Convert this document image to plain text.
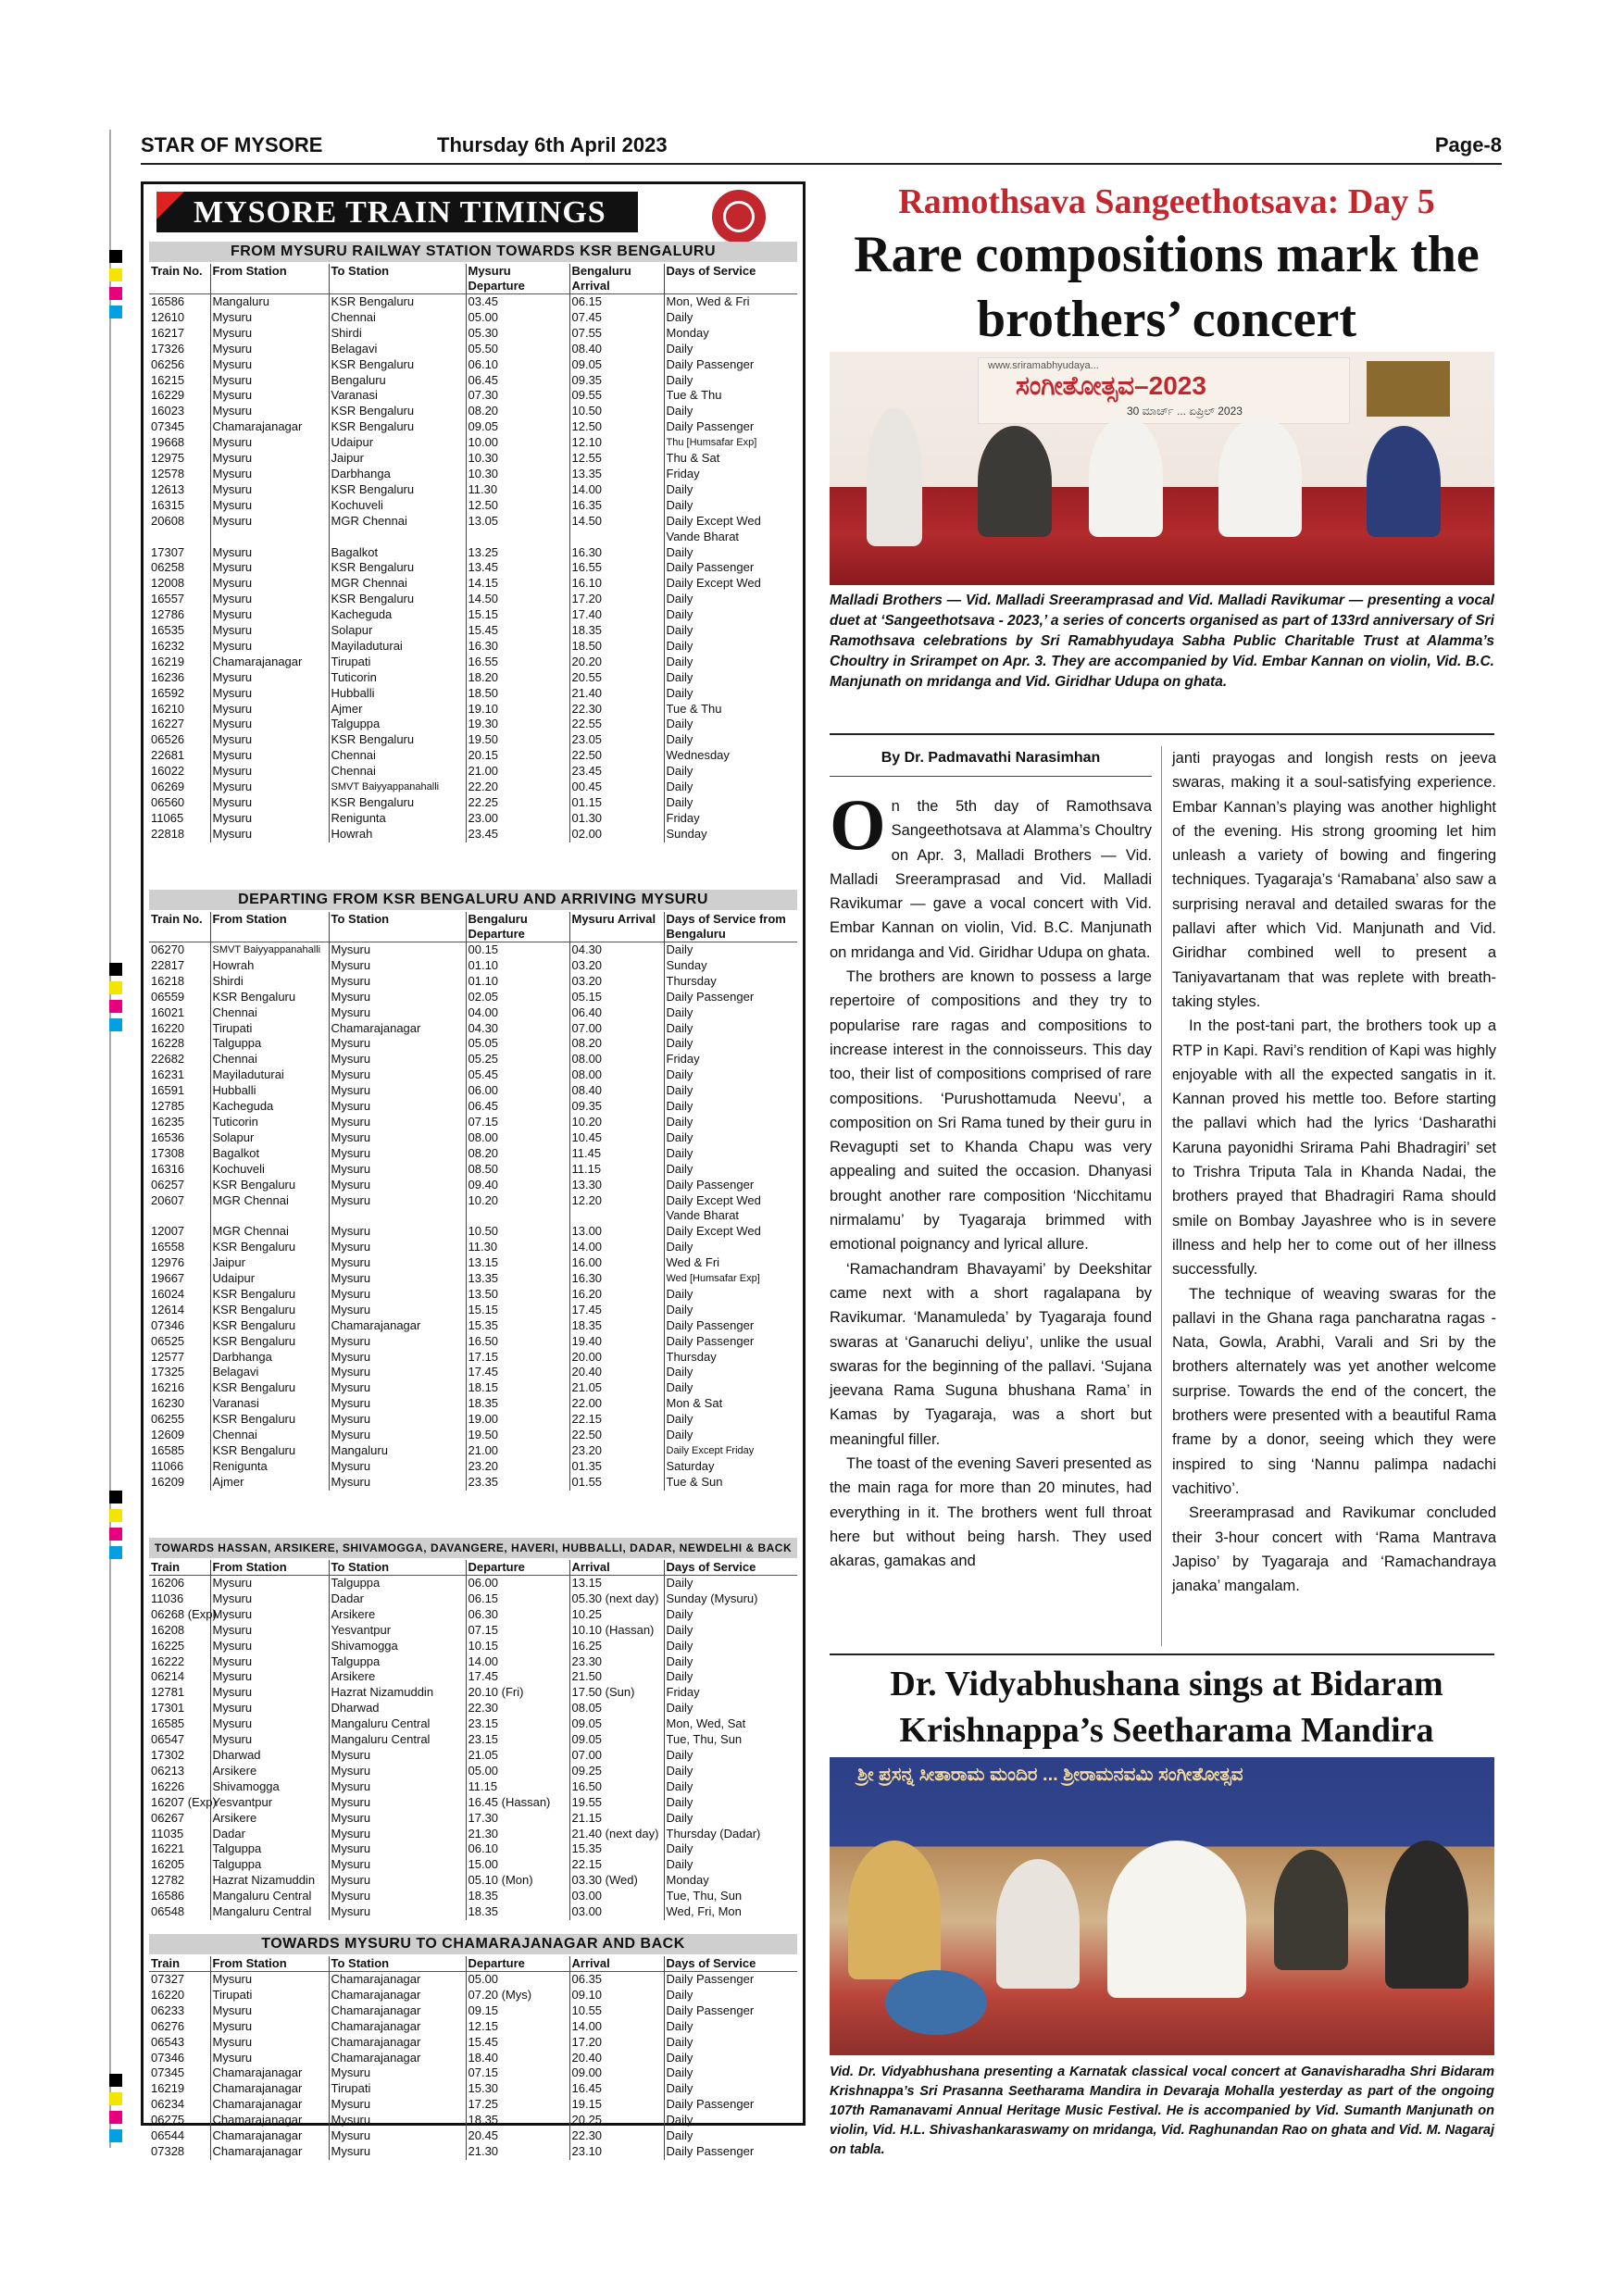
STAR OF MYSORE	Thursday 6th April 2023	Page-8
MYSORE TRAIN TIMINGS
FROM MYSURU RAILWAY STATION TOWARDS KSR BENGALURU
Train No.	From Station	To Station	Mysuru Departure	Bengaluru Arrival	Days of Service
16586	Mangaluru	KSR Bengaluru	03.45	06.15	Mon, Wed & Fri
12610	Mysuru	Chennai	05.00	07.45	Daily
16217	Mysuru	Shirdi	05.30	07.55	Monday
17326	Mysuru	Belagavi	05.50	08.40	Daily
06256	Mysuru	KSR Bengaluru	06.10	09.05	Daily Passenger
16215	Mysuru	Bengaluru	06.45	09.35	Daily
16229	Mysuru	Varanasi	07.30	09.55	Tue & Thu
16023	Mysuru	KSR Bengaluru	08.20	10.50	Daily
07345	Chamarajanagar	KSR Bengaluru	09.05	12.50	Daily Passenger
19668	Mysuru	Udaipur	10.00	12.10	Thu [Humsafar Exp]
12975	Mysuru	Jaipur	10.30	12.55	Thu & Sat
12578	Mysuru	Darbhanga	10.30	13.35	Friday
12613	Mysuru	KSR Bengaluru	11.30	14.00	Daily
16315	Mysuru	Kochuveli	12.50	16.35	Daily
20608	Mysuru	MGR Chennai	13.05	14.50	Daily Except Wed
					Vande Bharat
17307	Mysuru	Bagalkot	13.25	16.30	Daily
06258	Mysuru	KSR Bengaluru	13.45	16.55	Daily Passenger
12008	Mysuru	MGR Chennai	14.15	16.10	Daily Except Wed
16557	Mysuru	KSR Bengaluru	14.50	17.20	Daily
12786	Mysuru	Kacheguda	15.15	17.40	Daily
16535	Mysuru	Solapur	15.45	18.35	Daily
16232	Mysuru	Mayiladuturai	16.30	18.50	Daily
16219	Chamarajanagar	Tirupati	16.55	20.20	Daily
16236	Mysuru	Tuticorin	18.20	20.55	Daily
16592	Mysuru	Hubballi	18.50	21.40	Daily
16210	Mysuru	Ajmer	19.10	22.30	Tue & Thu
16227	Mysuru	Talguppa	19.30	22.55	Daily
06526	Mysuru	KSR Bengaluru	19.50	23.05	Daily
22681	Mysuru	Chennai	20.15	22.50	Wednesday
16022	Mysuru	Chennai	21.00	23.45	Daily
06269	Mysuru	SMVT Baiyyappanahalli	22.20	00.45	Daily
06560	Mysuru	KSR Bengaluru	22.25	01.15	Daily
11065	Mysuru	Renigunta	23.00	01.30	Friday
22818	Mysuru	Howrah	23.45	02.00	Sunday
DEPARTING FROM KSR BENGALURU AND ARRIVING MYSURU
Train No.	From Station	To Station	Bengaluru Departure	Mysuru Arrival	Days of Service from Bengaluru
06270	SMVT Baiyyappanahalli	Mysuru	00.15	04.30	Daily
22817	Howrah	Mysuru	01.10	03.20	Sunday
16218	Shirdi	Mysuru	01.10	03.20	Thursday
06559	KSR Bengaluru	Mysuru	02.05	05.15	Daily Passenger
16021	Chennai	Mysuru	04.00	06.40	Daily
16220	Tirupati	Chamarajanagar	04.30	07.00	Daily
16228	Talguppa	Mysuru	05.05	08.20	Daily
22682	Chennai	Mysuru	05.25	08.00	Friday
16231	Mayiladuturai	Mysuru	05.45	08.00	Daily
16591	Hubballi	Mysuru	06.00	08.40	Daily
12785	Kacheguda	Mysuru	06.45	09.35	Daily
16235	Tuticorin	Mysuru	07.15	10.20	Daily
16536	Solapur	Mysuru	08.00	10.45	Daily
17308	Bagalkot	Mysuru	08.20	11.45	Daily
16316	Kochuveli	Mysuru	08.50	11.15	Daily
06257	KSR Bengaluru	Mysuru	09.40	13.30	Daily Passenger
20607	MGR Chennai	Mysuru	10.20	12.20	Daily Except Wed
					Vande Bharat
12007	MGR Chennai	Mysuru	10.50	13.00	Daily Except Wed
16558	KSR Bengaluru	Mysuru	11.30	14.00	Daily
12976	Jaipur	Mysuru	13.15	16.00	Wed & Fri
19667	Udaipur	Mysuru	13.35	16.30	Wed [Humsafar Exp]
16024	KSR Bengaluru	Mysuru	13.50	16.20	Daily
12614	KSR Bengaluru	Mysuru	15.15	17.45	Daily
07346	KSR Bengaluru	Chamarajanagar	15.35	18.35	Daily Passenger
06525	KSR Bengaluru	Mysuru	16.50	19.40	Daily Passenger
12577	Darbhanga	Mysuru	17.15	20.00	Thursday
17325	Belagavi	Mysuru	17.45	20.40	Daily
16216	KSR Bengaluru	Mysuru	18.15	21.05	Daily
16230	Varanasi	Mysuru	18.35	22.00	Mon & Sat
06255	KSR Bengaluru	Mysuru	19.00	22.15	Daily
12609	Chennai	Mysuru	19.50	22.50	Daily
16585	KSR Bengaluru	Mangaluru	21.00	23.20	Daily Except Friday
11066	Renigunta	Mysuru	23.20	01.35	Saturday
16209	Ajmer	Mysuru	23.35	01.55	Tue & Sun
TOWARDS HASSAN, ARSIKERE, SHIVAMOGGA, DAVANGERE, HAVERI, HUBBALLI, DADAR, NEWDELHI & BACK
Train	From Station	To Station	Departure	Arrival	Days of Service
16206	Mysuru	Talguppa	06.00	13.15	Daily
11036	Mysuru	Dadar	06.15	05.30 (next day)	Sunday (Mysuru)
06268 (Exp)	Mysuru	Arsikere	06.30	10.25	Daily
16208	Mysuru	Yesvantpur	07.15	10.10 (Hassan)	Daily
16225	Mysuru	Shivamogga	10.15	16.25	Daily
16222	Mysuru	Talguppa	14.00	23.30	Daily
06214	Mysuru	Arsikere	17.45	21.50	Daily
12781	Mysuru	Hazrat Nizamuddin	20.10 (Fri)	17.50 (Sun)	Friday
17301	Mysuru	Dharwad	22.30	08.05	Daily
16585	Mysuru	Mangaluru Central	23.15	09.05	Mon, Wed, Sat
06547	Mysuru	Mangaluru Central	23.15	09.05	Tue, Thu, Sun
17302	Dharwad	Mysuru	21.05	07.00	Daily
06213	Arsikere	Mysuru	05.00	09.25	Daily
16226	Shivamogga	Mysuru	11.15	16.50	Daily
16207 (Exp)	Yesvantpur	Mysuru	16.45 (Hassan)	19.55	Daily
06267	Arsikere	Mysuru	17.30	21.15	Daily
11035	Dadar	Mysuru	21.30	21.40 (next day)	Thursday (Dadar)
16221	Talguppa	Mysuru	06.10	15.35	Daily
16205	Talguppa	Mysuru	15.00	22.15	Daily
12782	Hazrat Nizamuddin	Mysuru	05.10 (Mon)	03.30 (Wed)	Monday
16586	Mangaluru Central	Mysuru	18.35	03.00	Tue, Thu, Sun
06548	Mangaluru Central	Mysuru	18.35	03.00	Wed, Fri, Mon
TOWARDS MYSURU TO CHAMARAJANAGAR AND BACK
Train	From Station	To Station	Departure	Arrival	Days of Service
07327	Mysuru	Chamarajanagar	05.00	06.35	Daily Passenger
16220	Tirupati	Chamarajanagar	07.20 (Mys)	09.10	Daily
06233	Mysuru	Chamarajanagar	09.15	10.55	Daily Passenger
06276	Mysuru	Chamarajanagar	12.15	14.00	Daily
06543	Mysuru	Chamarajanagar	15.45	17.20	Daily
07346	Mysuru	Chamarajanagar	18.40	20.40	Daily
07345	Chamarajanagar	Mysuru	07.15	09.00	Daily
16219	Chamarajanagar	Tirupati	15.30	16.45	Daily
06234	Chamarajanagar	Mysuru	17.25	19.15	Daily Passenger
06275	Chamarajanagar	Mysuru	18.35	20.25	Daily
06544	Chamarajanagar	Mysuru	20.45	22.30	Daily
07328	Chamarajanagar	Mysuru	21.30	23.10	Daily Passenger
Ramothsava Sangeethotsava: Day 5
Rare compositions mark the brothers’ concert
www.sriramabhyudaya...
ಸಂಗೀತೋತ್ಸವ–2023
30 ಮಾರ್ಚ್ ... ಏಪ್ರಿಲ್ 2023
Malladi Brothers — Vid. Malladi Sreeramprasad and Vid. Malladi Ravikumar — presenting a vocal duet at ‘Sangeethotsava - 2023,’ a series of concerts organised as part of 133rd anniversary of Sri Ramothsava celebrations by Sri Ramabhyudaya Sabha Public Charitable Trust at Alamma’s Choultry in Srirampet on Apr. 3. They are accompanied by Vid. Embar Kannan on violin, Vid. B.C. Manjunath on mridanga and Vid. Giridhar Udupa on ghata.
By Dr. Padmavathi Narasimhan

On the 5th day of Ramothsava Sangeethotsava at Alamma’s Choultry on Apr. 3, Malladi Brothers — Vid. Malladi Sreeramprasad and Vid. Malladi Ravikumar — gave a vocal concert with Vid. Embar Kannan on violin, Vid. B.C. Manjunath on mridanga and Vid. Giridhar Udupa on ghata.

The brothers are known to possess a large repertoire of compositions and they try to popularise rare ragas and compositions to increase interest in the connoisseurs. This day too, their list of compositions comprised of rare compositions. ‘Purushottamuda Neevu’, a composition on Sri Rama tuned by their guru in Revagupti set to Khanda Chapu was very appealing and suited the occasion. Dhanyasi brought another rare composition ‘Nicchitamu nirmalamu’ by Tyagaraja brimmed with emotional poignancy and lyrical allure.

‘Ramachandram Bhavayami’ by Deekshitar came next with a short ragalapana by Ravikumar. ‘Manamuleda’ by Tyagaraja found swaras at ‘Ganaruchi deliyu’, unlike the usual swaras for the beginning of the pallavi. ‘Sujana jeevana Rama Suguna bhushana Rama’ in Kamas by Tyagaraja, was a short but meaningful filler.

The toast of the evening Saveri presented as the main raga for more than 20 minutes, had everything in it. The brothers went full throat here but without being harsh. They used akaras, gamakas and

janti prayogas and longish rests on jeeva swaras, making it a soul-satisfying experience. Embar Kannan’s playing was another highlight of the evening. His strong grooming let him unleash a variety of bowing and fingering techniques. Tyagaraja’s ‘Ramabana’ also saw a surprising neraval and detailed swaras for the pallavi after which Vid. Manjunath and Vid. Giridhar combined well to present a Taniyavartanam that was replete with breath-taking styles.

In the post-tani part, the brothers took up a RTP in Kapi. Ravi’s rendition of Kapi was highly enjoyable with all the expected sangatis in it. Kannan proved his mettle too. Before starting the pallavi which had the lyrics ‘Dasharathi Karuna payonidhi Srirama Pahi Bhadragiri’ set to Trishra Triputa Tala in Khanda Nadai, the brothers prayed that Bhadragiri Rama should smile on Bombay Jayashree who is in severe illness and help her to come out of her illness successfully.

The technique of weaving swaras for the pallavi in the Ghana raga pancharatna ragas - Nata, Gowla, Arabhi, Varali and Sri by the brothers alternately was yet another welcome surprise. Towards the end of the concert, the brothers were presented with a beautiful Rama frame by a donor, seeing which they were inspired to sing ‘Nannu palimpa nadachi vachitivo’.

Sreeramprasad and Ravikumar concluded their 3-hour concert with ‘Rama Mantrava Japiso’ by Tyagaraja and ‘Ramachandraya janaka’ mangalam.

Dr. Vidyabhushana sings at Bidaram Krishnappa’s Seetharama Mandira
ಶ್ರೀ ಪ್ರಸನ್ನ ಸೀತಾರಾಮ ಮಂದಿರ ... ಶ್ರೀರಾಮನವಮಿ ಸಂಗೀತೋತ್ಸವ
Vid. Dr. Vidyabhushana presenting a Karnatak classical vocal concert at Ganavisharadha Shri Bidaram Krishnappa’s Sri Prasanna Seetharama Mandira in Devaraja Mohalla yesterday as part of the ongoing 107th Ramanavami Annual Heritage Music Festival. He is accompanied by Vid. Sumanth Manjunath on violin, Vid. H.L. Shivashankaraswamy on mridanga, Vid. Raghunandan Rao on ghata and Vid. M. Nagaraj on tabla.
